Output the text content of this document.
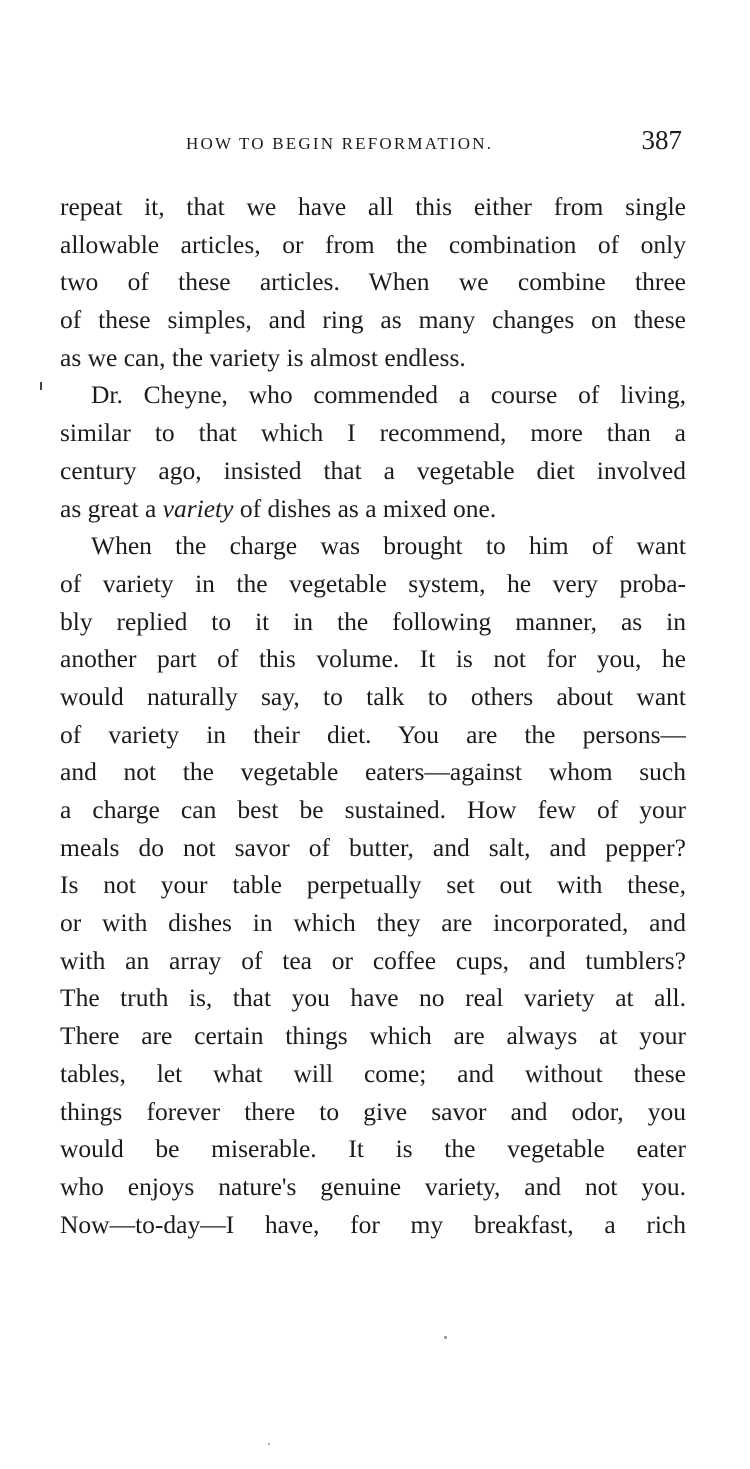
HOW TO BEGIN REFORMATION.	387
repeat it, that we have all this either from single
allowable articles, or from the combination of only
two of these articles. When we combine three
of these simples, and ring as many changes on these
as we can, the variety is almost endless.
Dr. Cheyne, who commended a course of living,
similar to that which I recommend, more than a
century ago, insisted that a vegetable diet involved
as great a variety of dishes as a mixed one.
When the charge was brought to him of want
of variety in the vegetable system, he very proba-
bly replied to it in the following manner, as in
another part of this volume. It is not for you, he
would naturally say, to talk to others about want
of variety in their diet. You are the persons—
and not the vegetable eaters—against whom such
a charge can best be sustained. How few of your
meals do not savor of butter, and salt, and pepper?
Is not your table perpetually set out with these,
or with dishes in which they are incorporated, and
with an array of tea or coffee cups, and tumblers?
The truth is, that you have no real variety at all.
There are certain things which are always at your
tables, let what will come; and without these
things forever there to give savor and odor, you
would be miserable. It is the vegetable eater
who enjoys nature's genuine variety, and not you.
Now—to-day—I have, for my breakfast, a rich
